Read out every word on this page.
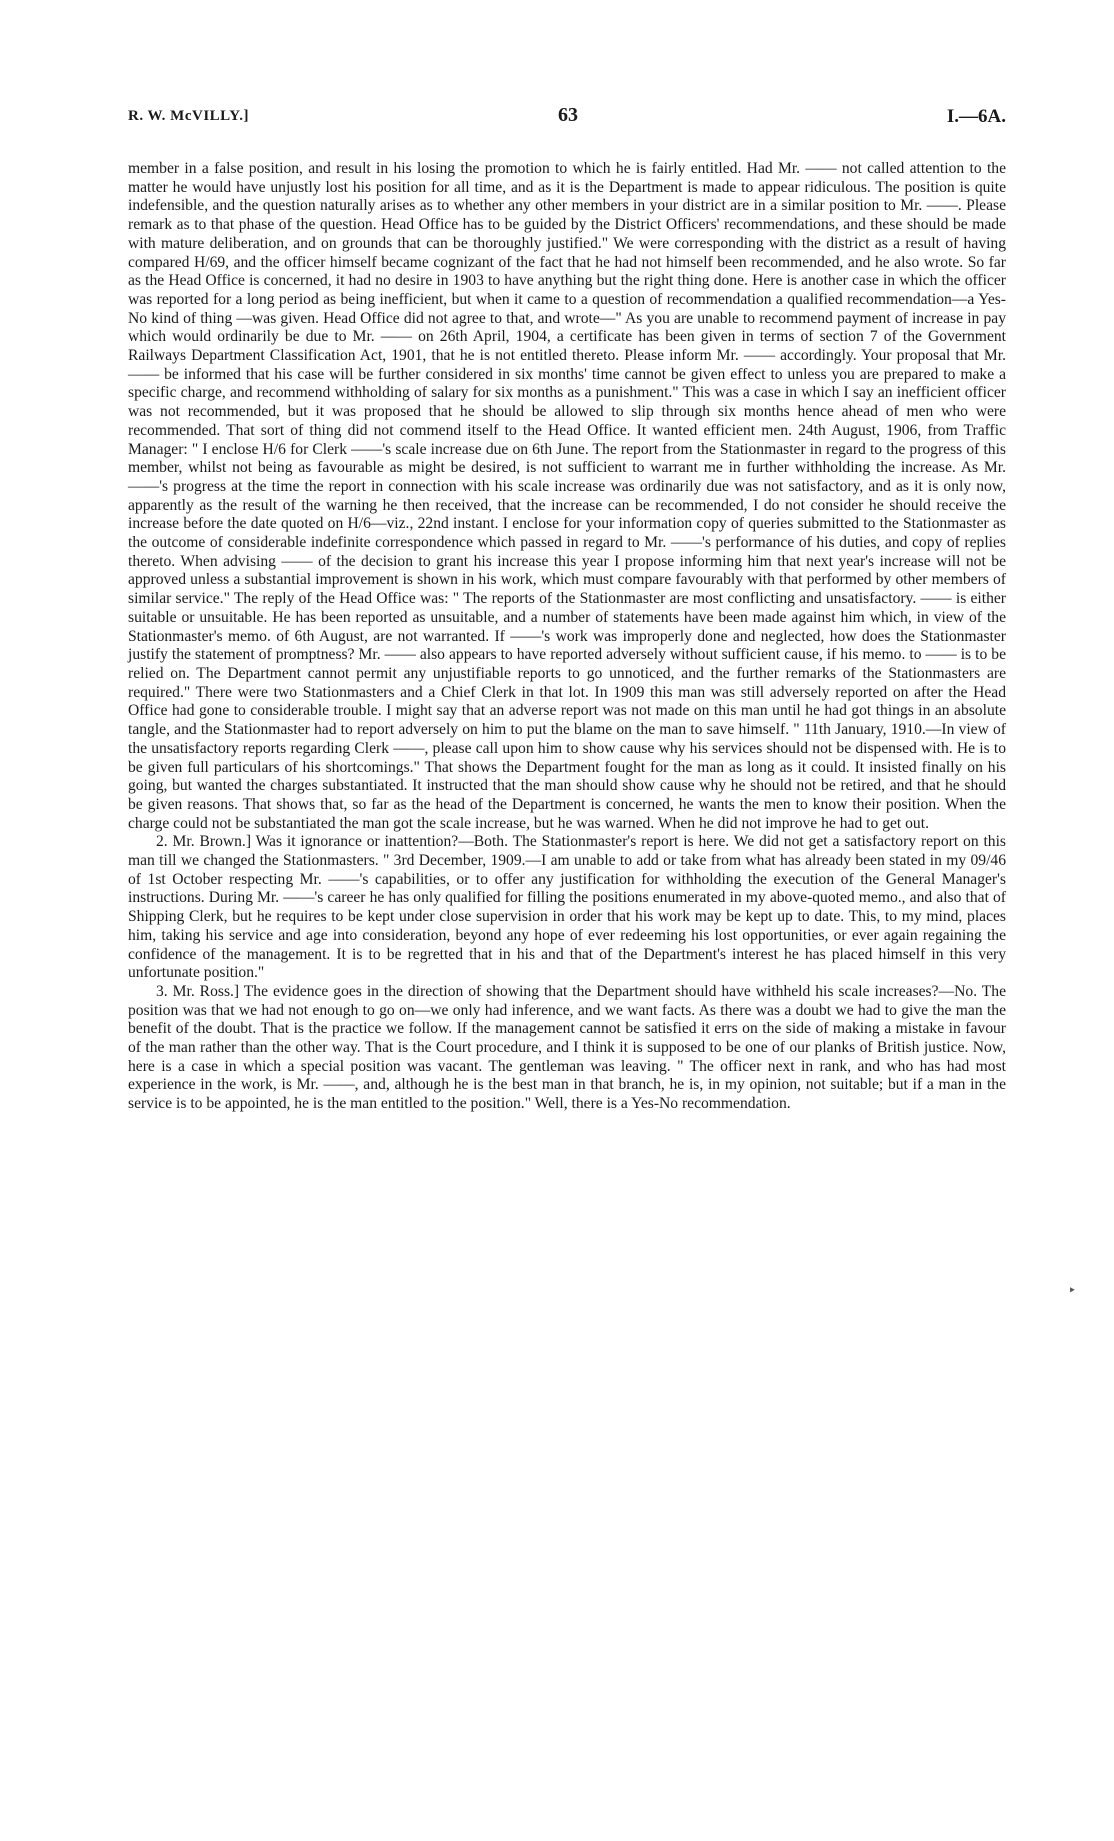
R. W. McVILLY.]	63	I.—6A.

member in a false position, and result in his losing the promotion to which he is fairly entitled. Had Mr. —— not called attention to the matter he would have unjustly lost his position for all time, and as it is the Department is made to appear ridiculous. The position is quite indefensible, and the question naturally arises as to whether any other members in your district are in a similar position to Mr. ——. Please remark as to that phase of the question. Head Office has to be guided by the District Officers' recommendations, and these should be made with mature deliberation, and on grounds that can be thoroughly justified." We were corresponding with the district as a result of having compared H/69, and the officer himself became cognizant of the fact that he had not himself been recommended, and he also wrote. So far as the Head Office is concerned, it had no desire in 1903 to have anything but the right thing done. Here is another case in which the officer was reported for a long period as being inefficient, but when it came to a question of recommendation a qualified recommendation—a Yes-No kind of thing —was given. Head Office did not agree to that, and wrote—" As you are unable to recommend payment of increase in pay which would ordinarily be due to Mr. —— on 26th April, 1904, a certificate has been given in terms of section 7 of the Government Railways Department Classification Act, 1901, that he is not entitled thereto. Please inform Mr. —— accordingly. Your proposal that Mr. —— be informed that his case will be further considered in six months' time cannot be given effect to unless you are prepared to make a specific charge, and recommend withholding of salary for six months as a punishment." This was a case in which I say an inefficient officer was not recommended, but it was proposed that he should be allowed to slip through six months hence ahead of men who were recommended. That sort of thing did not commend itself to the Head Office. It wanted efficient men. 24th August, 1906, from Traffic Manager: " I enclose H/6 for Clerk ——'s scale increase due on 6th June. The report from the Stationmaster in regard to the progress of this member, whilst not being as favourable as might be desired, is not sufficient to warrant me in further withholding the increase. As Mr. ——'s progress at the time the report in connection with his scale increase was ordinarily due was not satisfactory, and as it is only now, apparently as the result of the warning he then received, that the increase can be recommended, I do not consider he should receive the increase before the date quoted on H/6—viz., 22nd instant. I enclose for your information copy of queries submitted to the Stationmaster as the outcome of considerable indefinite correspondence which passed in regard to Mr. ——'s performance of his duties, and copy of replies thereto. When advising —— of the decision to grant his increase this year I propose informing him that next year's increase will not be approved unless a substantial improvement is shown in his work, which must compare favourably with that performed by other members of similar service." The reply of the Head Office was: " The reports of the Stationmaster are most conflicting and unsatisfactory. —— is either suitable or unsuitable. He has been reported as unsuitable, and a number of statements have been made against him which, in view of the Stationmaster's memo. of 6th August, are not warranted. If ——'s work was improperly done and neglected, how does the Stationmaster justify the statement of promptness? Mr. —— also appears to have reported adversely without sufficient cause, if his memo. to —— is to be relied on. The Department cannot permit any unjustifiable reports to go unnoticed, and the further remarks of the Stationmasters are required." There were two Stationmasters and a Chief Clerk in that lot. In 1909 this man was still adversely reported on after the Head Office had gone to considerable trouble. I might say that an adverse report was not made on this man until he had got things in an absolute tangle, and the Stationmaster had to report adversely on him to put the blame on the man to save himself. " 11th January, 1910.—In view of the unsatisfactory reports regarding Clerk ——, please call upon him to show cause why his services should not be dispensed with. He is to be given full particulars of his shortcomings." That shows the Department fought for the man as long as it could. It insisted finally on his going, but wanted the charges substantiated. It instructed that the man should show cause why he should not be retired, and that he should be given reasons. That shows that, so far as the head of the Department is concerned, he wants the men to know their position. When the charge could not be substantiated the man got the scale increase, but he was warned. When he did not improve he had to get out.

2. Mr. Brown.] Was it ignorance or inattention?—Both. The Stationmaster's report is here. We did not get a satisfactory report on this man till we changed the Stationmasters. " 3rd December, 1909.—I am unable to add or take from what has already been stated in my 09/46 of 1st October respecting Mr. ——'s capabilities, or to offer any justification for withholding the execution of the General Manager's instructions. During Mr. ——'s career he has only qualified for filling the positions enumerated in my above-quoted memo., and also that of Shipping Clerk, but he requires to be kept under close supervision in order that his work may be kept up to date. This, to my mind, places him, taking his service and age into consideration, beyond any hope of ever redeeming his lost opportunities, or ever again regaining the confidence of the management. It is to be regretted that in his and that of the Department's interest he has placed himself in this very unfortunate position."

3. Mr. Ross.] The evidence goes in the direction of showing that the Department should have withheld his scale increases?—No. The position was that we had not enough to go on—we only had inference, and we want facts. As there was a doubt we had to give the man the benefit of the doubt. That is the practice we follow. If the management cannot be satisfied it errs on the side of making a mistake in favour of the man rather than the other way. That is the Court procedure, and I think it is supposed to be one of our planks of British justice. Now, here is a case in which a special position was vacant. The gentleman was leaving. " The officer next in rank, and who has had most experience in the work, is Mr. ——, and, although he is the best man in that branch, he is, in my opinion, not suitable; but if a man in the service is to be appointed, he is the man entitled to the position." Well, there is a Yes-No recommendation.

‣
